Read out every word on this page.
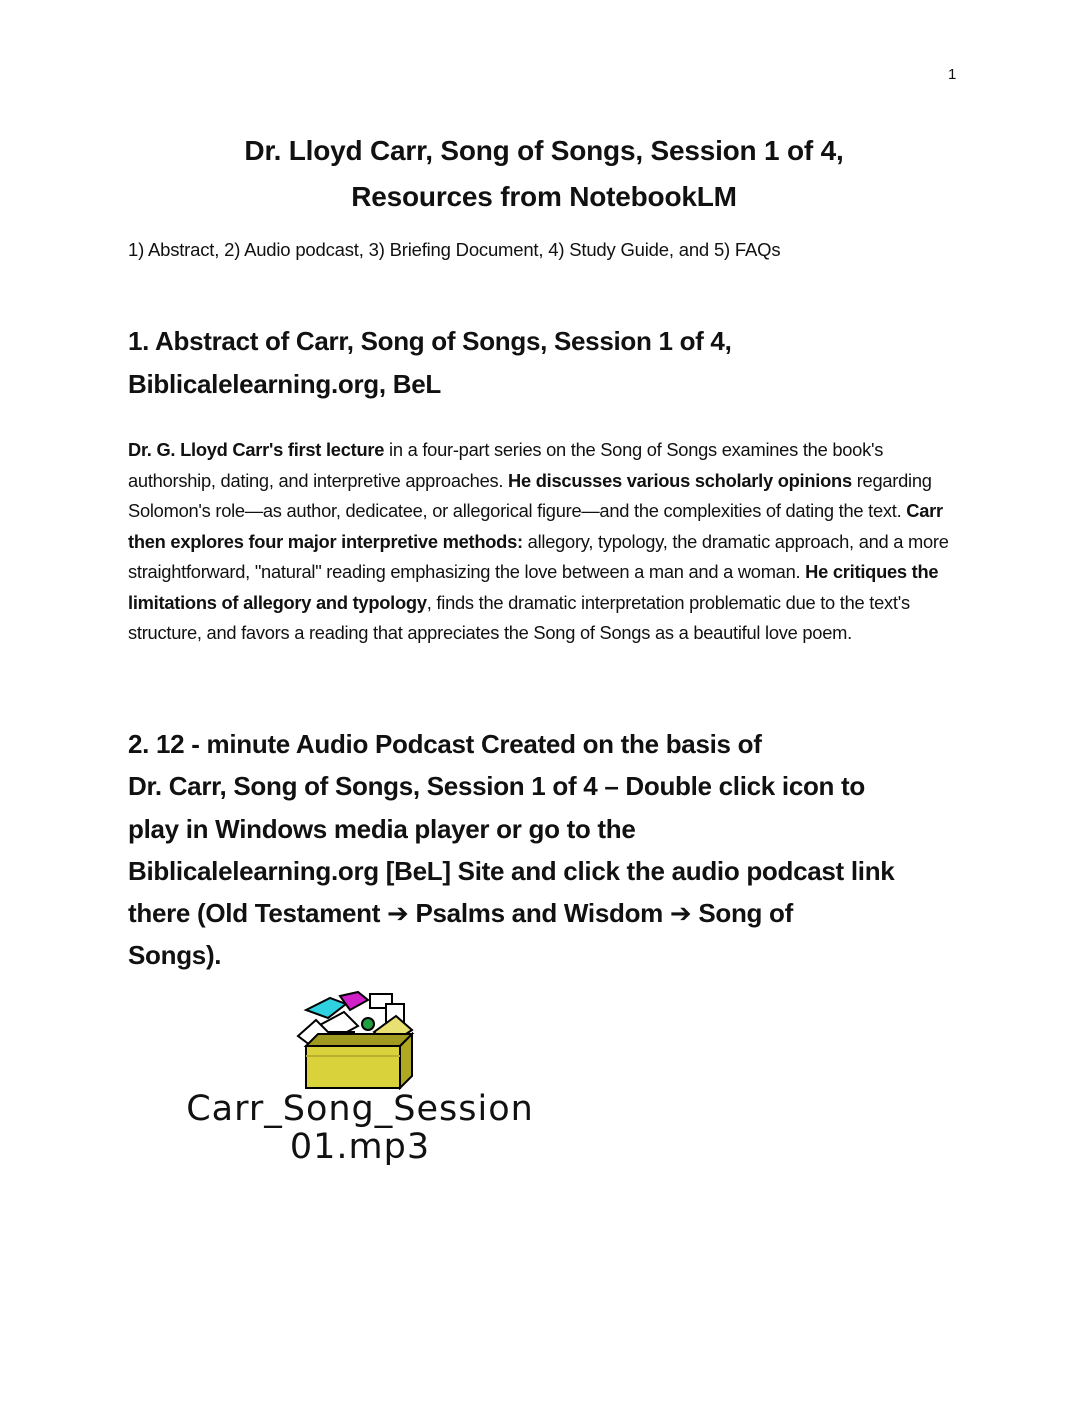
1
Dr. Lloyd Carr, Song of Songs, Session 1 of 4,
Resources from NotebookLM
1) Abstract, 2) Audio podcast, 3) Briefing Document, 4) Study Guide, and 5) FAQs
1. Abstract of Carr, Song of Songs, Session 1 of 4,
Biblicalelearning.org, BeL
Dr. G. Lloyd Carr's first lecture in a four-part series on the Song of Songs examines the book's authorship, dating, and interpretive approaches. He discusses various scholarly opinions regarding Solomon's role—as author, dedicatee, or allegorical figure—and the complexities of dating the text. Carr then explores four major interpretive methods: allegory, typology, the dramatic approach, and a more straightforward, "natural" reading emphasizing the love between a man and a woman. He critiques the limitations of allegory and typology, finds the dramatic interpretation problematic due to the text's structure, and favors a reading that appreciates the Song of Songs as a beautiful love poem.
2. 12 - minute Audio Podcast Created on the basis of
Dr. Carr, Song of Songs, Session 1 of 4 – Double click icon to
play in Windows media player or go to the
Biblicalelearning.org [BeL] Site and click the audio podcast link
there (Old Testament ➔ Psalms and Wisdom ➔ Song of
Songs).
Carr_Song_Session
01.mp3
